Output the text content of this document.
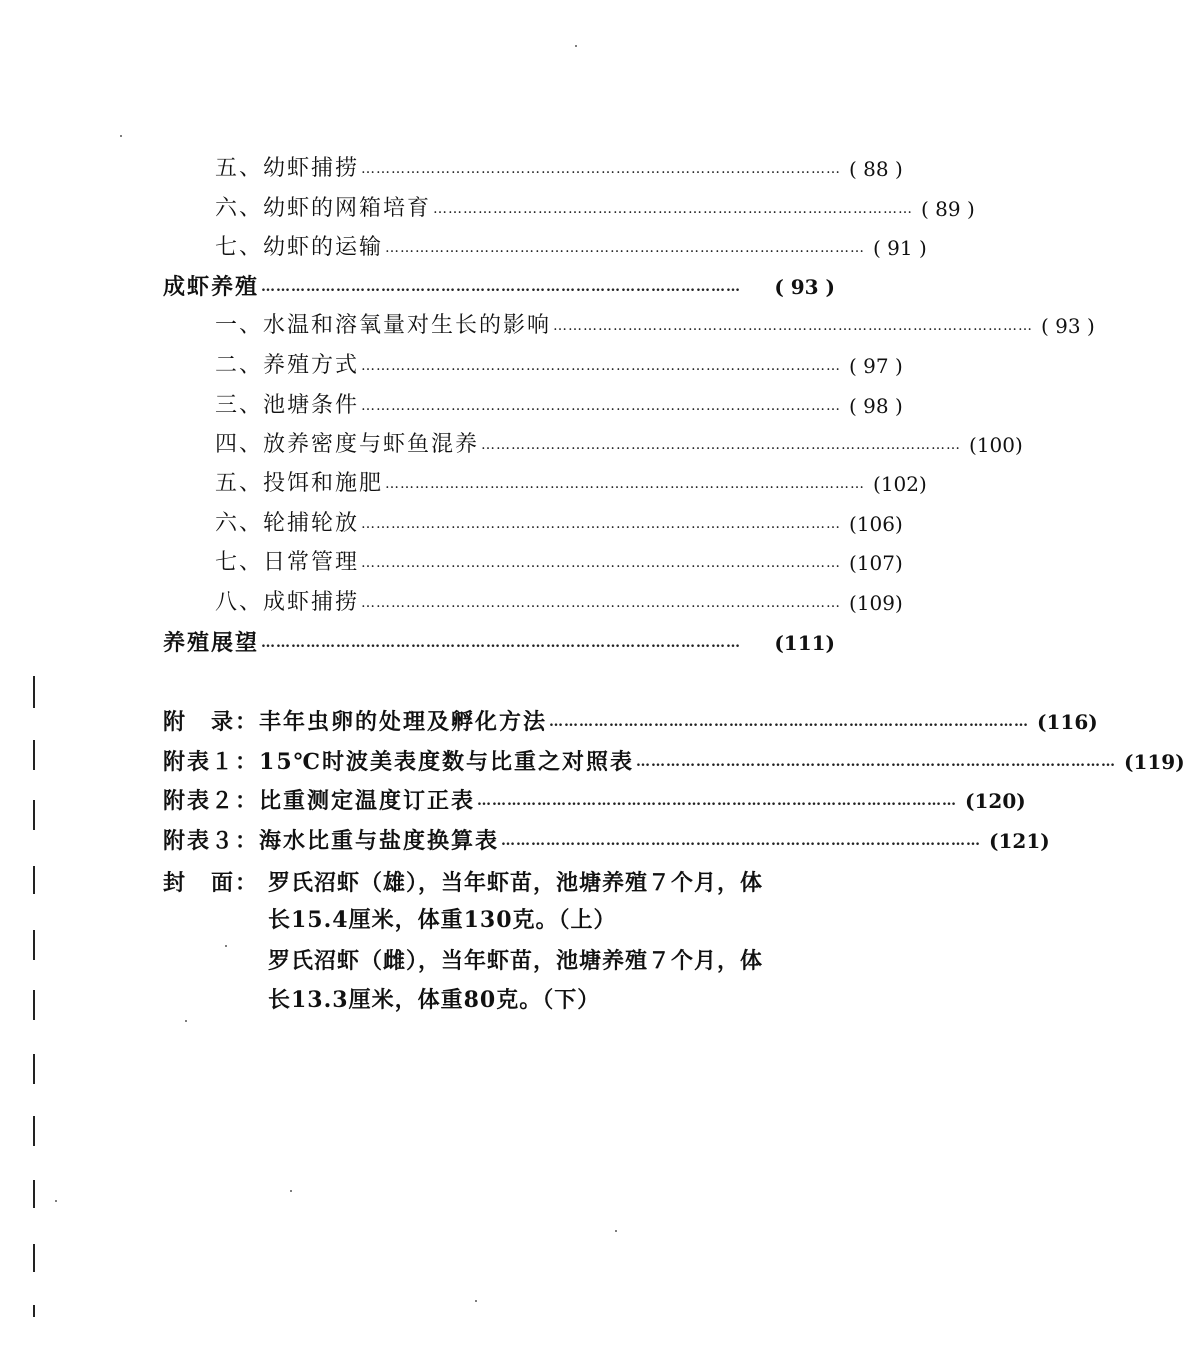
五、幼虾捕捞 …………………………………………………………………………………… ( 88 )
六、幼虾的网箱培育 …………………………………………………………………………………… ( 89 )
七、幼虾的运输 …………………………………………………………………………………… ( 91 )
成虾养殖 ……………………………………………………………………………………	( 93 )
一、水温和溶氧量对生长的影响 …………………………………………………………………………………… ( 93 )
二、养殖方式 …………………………………………………………………………………… ( 97 )
三、池塘条件 …………………………………………………………………………………… ( 98 )
四、放养密度与虾鱼混养 …………………………………………………………………………………… (100)
五、投饵和施肥 …………………………………………………………………………………… (102)
六、轮捕轮放 …………………………………………………………………………………… (106)
七、日常管理 …………………………………………………………………………………… (107)
八、成虾捕捞 …………………………………………………………………………………… (109)
养殖展望 ……………………………………………………………………………………	(111)
附　录： 丰年虫卵的处理及孵化方法 …………………………………………………………………………………… (116)
附表１： 15℃时波美表度数与比重之对照表 …………………………………………………………………………………… (119)
附表２： 比重测定温度订正表 …………………………………………………………………………………… (120)
附表３： 海水比重与盐度换算表 …………………………………………………………………………………… (121)
封　面： 罗氏沼虾（雄），当年虾苗，池塘养殖７个月，体
长15.4厘米，体重130克。（上）
罗氏沼虾（雌），当年虾苗，池塘养殖７个月，体
长13.3厘米，体重80克。（下）
